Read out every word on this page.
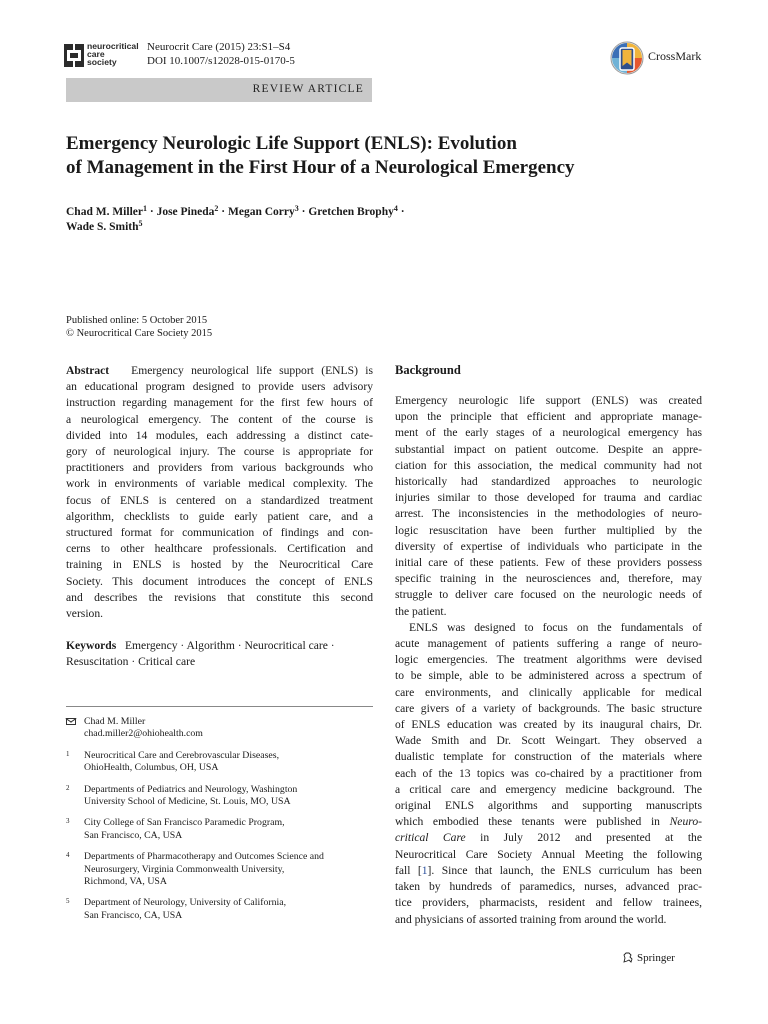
neurocritical
care
society
Neurocrit Care (2015) 23:S1–S4
DOI 10.1007/s12028-015-0170-5	CrossMark
REVIEW ARTICLE
Emergency Neurologic Life Support (ENLS): Evolution
of Management in the First Hour of a Neurological Emergency
Chad M. Miller$^1$ · Jose Pineda$^2$ · Megan Corry$^3$ · Gretchen Brophy$^4$ ·
Wade S. Smith$^5$
Published online: 5 October 2015
© Neurocritical Care Society 2015
Abstract Emergency neurological life support (ENLS) is
an educational program designed to provide users advisory
instruction regarding management for the first few hours of
a neurological emergency. The content of the course is
divided into 14 modules, each addressing a distinct cate-
gory of neurological injury. The course is appropriate for
practitioners and providers from various backgrounds who
work in environments of variable medical complexity. The
focus of ENLS is centered on a standardized treatment
algorithm, checklists to guide early patient care, and a
structured format for communication of findings and con-
cerns to other healthcare professionals. Certification and
training in ENLS is hosted by the Neurocritical Care
Society. This document introduces the concept of ENLS
and describes the revisions that constitute this second
version.
Keywords Emergency · Algorithm · Neurocritical care ·
Resuscitation · Critical care
Chad M. Miller
chad.miller2@ohiohealth.com
1 Neurocritical Care and Cerebrovascular Diseases,
OhioHealth, Columbus, OH, USA
2 Departments of Pediatrics and Neurology, Washington
University School of Medicine, St. Louis, MO, USA
3 City College of San Francisco Paramedic Program,
San Francisco, CA, USA
4 Departments of Pharmacotherapy and Outcomes Science and
Neurosurgery, Virginia Commonwealth University,
Richmond, VA, USA
5 Department of Neurology, University of California,
San Francisco, CA, USA
Background
Emergency neurologic life support (ENLS) was created
upon the principle that efficient and appropriate manage-
ment of the early stages of a neurological emergency has
substantial impact on patient outcome. Despite an appre-
ciation for this association, the medical community had not
historically had standardized approaches to neurologic
injuries similar to those developed for trauma and cardiac
arrest. The inconsistencies in the methodologies of neuro-
logic resuscitation have been further multiplied by the
diversity of expertise of individuals who participate in the
initial care of these patients. Few of these providers possess
specific training in the neurosciences and, therefore, may
struggle to deliver care focused on the neurologic needs of
the patient.
ENLS was designed to focus on the fundamentals of
acute management of patients suffering a range of neuro-
logic emergencies. The treatment algorithms were devised
to be simple, able to be administered across a spectrum of
care environments, and clinically applicable for medical
care givers of a variety of backgrounds. The basic structure
of ENLS education was created by its inaugural chairs, Dr.
Wade Smith and Dr. Scott Weingart. They observed a
dualistic template for construction of the materials where
each of the 13 topics was co-chaired by a practitioner from
a critical care and emergency medicine background. The
original ENLS algorithms and supporting manuscripts
which embodied these tenants were published in Neuro-
critical Care in July 2012 and presented at the
Neurocritical Care Society Annual Meeting the following
fall [1]. Since that launch, the ENLS curriculum has been
taken by hundreds of paramedics, nurses, advanced prac-
tice providers, pharmacists, resident and fellow trainees,
and physicians of assorted training from around the world.
Springer
